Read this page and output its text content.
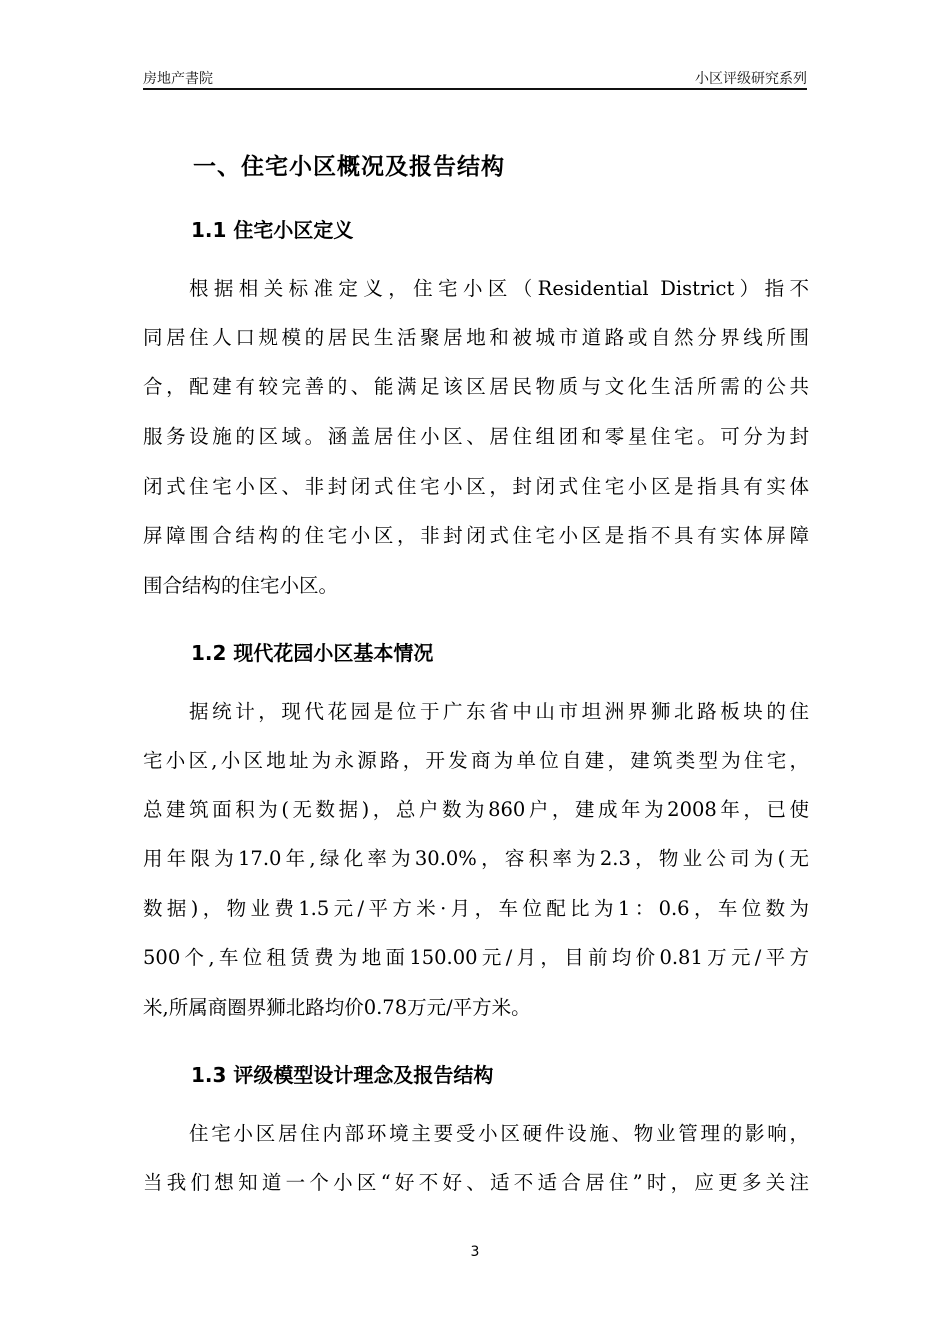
房地产書院	小区评级研究系列
一、住宅小区概况及报告结构
1.1 住宅小区定义
根据相关标准定义，住宅小区（Residential District）指不
同居住人口规模的居民生活聚居地和被城市道路或自然分界线所围
合，配建有较完善的、能满足该区居民物质与文化生活所需的公共
服务设施的区域。涵盖居住小区、居住组团和零星住宅。可分为封
闭式住宅小区、非封闭式住宅小区，封闭式住宅小区是指具有实体
屏障围合结构的住宅小区，非封闭式住宅小区是指不具有实体屏障
围合结构的住宅小区。
1.2 现代花园小区基本情况
据统计，现代花园是位于广东省中山市坦洲界狮北路板块的住
宅小区,小区地址为永源路，开发商为单位自建，建筑类型为住宅，
总建筑面积为(无数据)，总户数为860户，建成年为2008年，已使
用年限为17.0年,绿化率为30.0%，容积率为2.3，物业公司为(无
数据)，物业费1.5元/平方米·月，车位配比为1：0.6，车位数为
500个,车位租赁费为地面150.00元/月，目前均价0.81万元/平方
米,所属商圈界狮北路均价0.78万元/平方米。
1.3 评级模型设计理念及报告结构
住宅小区居住内部环境主要受小区硬件设施、物业管理的影响，
当我们想知道一个小区“好不好、适不适合居住”时，应更多关注
3
